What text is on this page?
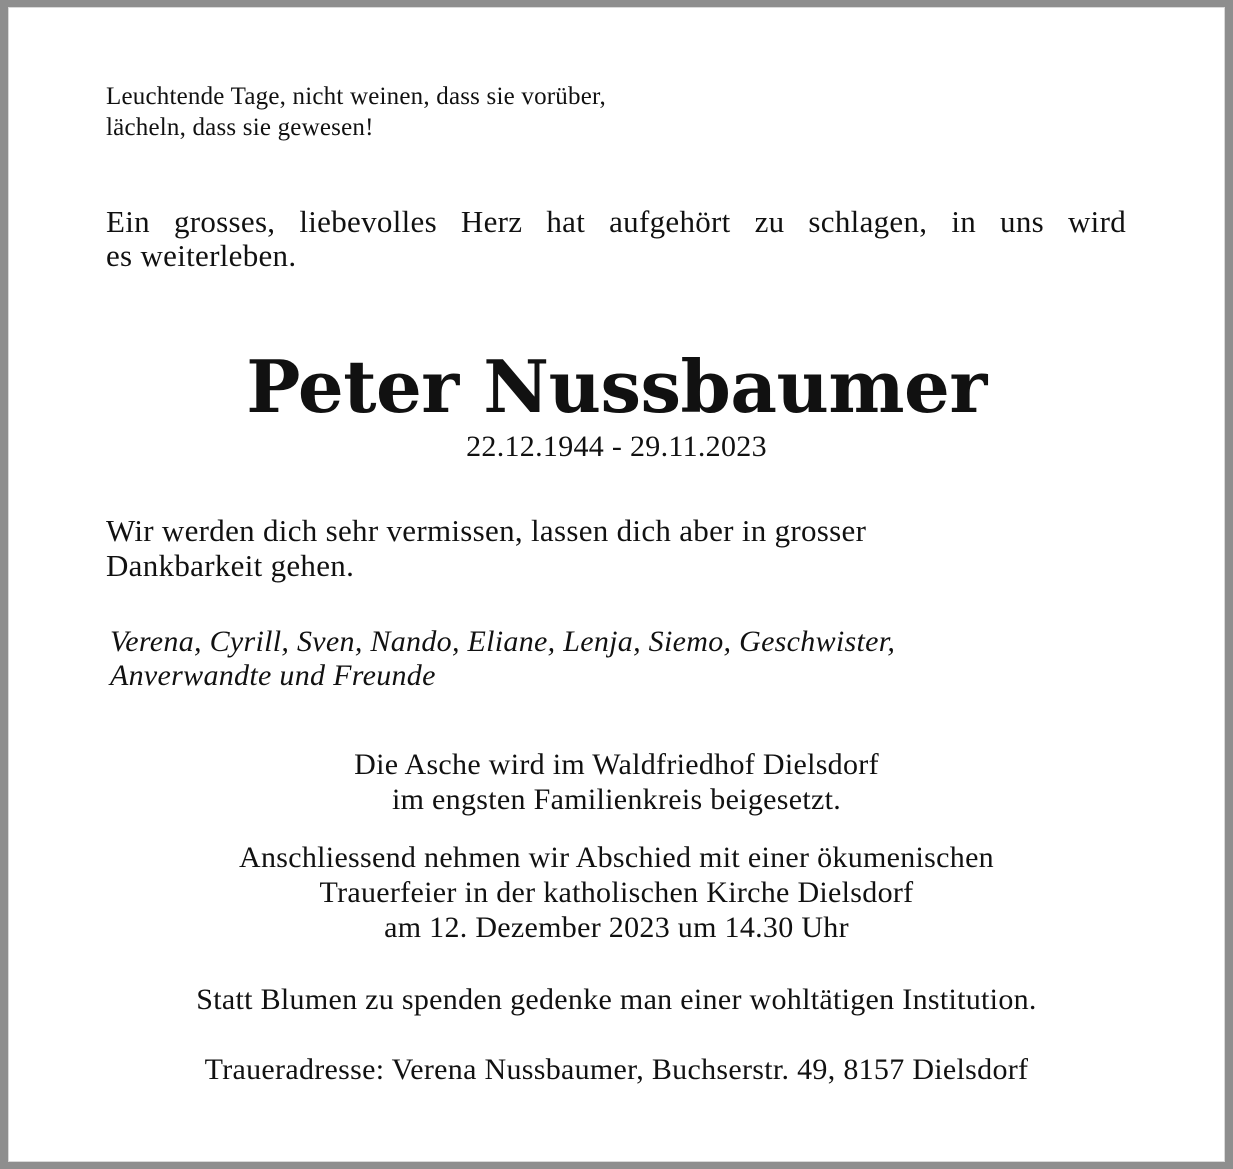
Leuchtende Tage, nicht weinen, dass sie vorüber,
lächeln, dass sie gewesen!

Ein grosses, liebevolles Herz hat aufgehört zu schlagen, in uns wird
es weiterleben.

Peter Nussbaumer

22.12.1944 - 29.11.2023

Wir werden dich sehr vermissen, lassen dich aber in grosser
Dankbarkeit gehen.

Verena, Cyrill, Sven, Nando, Eliane, Lenja, Siemo, Geschwister,
Anverwandte und Freunde

Die Asche wird im Waldfriedhof Dielsdorf
im engsten Familienkreis beigesetzt.

Anschliessend nehmen wir Abschied mit einer ökumenischen
Trauerfeier in der katholischen Kirche Dielsdorf
am 12. Dezember 2023 um 14.30 Uhr

Statt Blumen zu spenden gedenke man einer wohltätigen Institution.

Traueradresse: Verena Nussbaumer, Buchserstr. 49, 8157 Dielsdorf
